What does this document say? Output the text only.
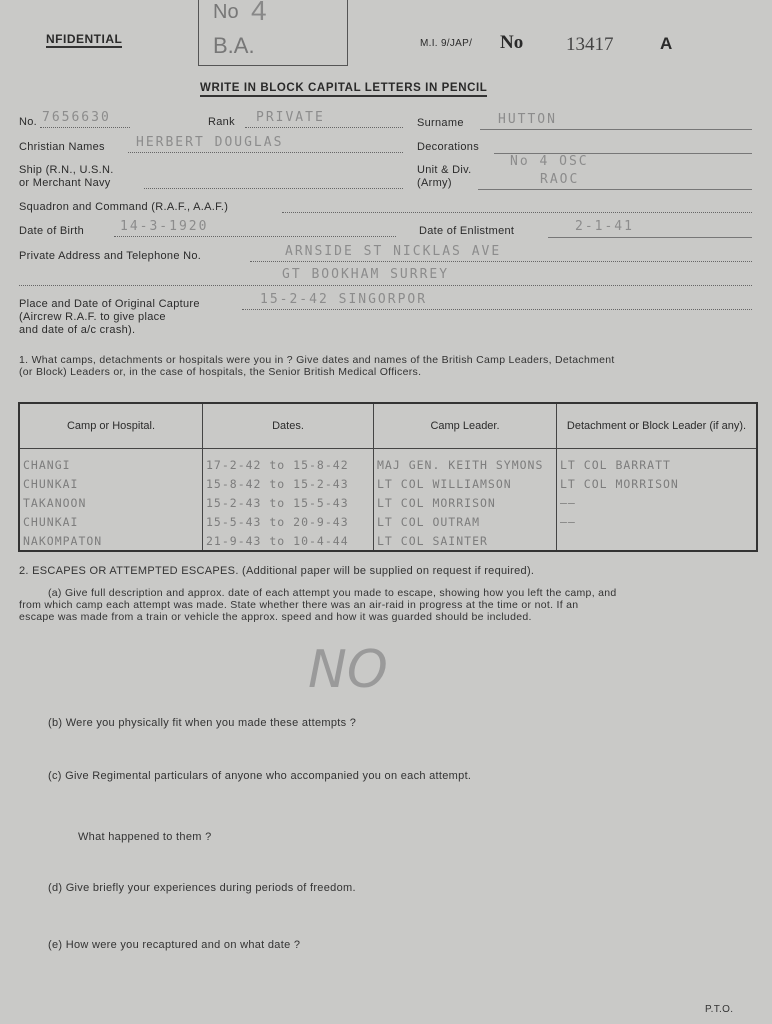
NFIDENTIAL
No 4
B.A.	M.I. 9/JAP/ No 13417	A
WRITE IN BLOCK CAPITAL LETTERS IN PENCIL
No. 7656630	Rank PRIVATE	Surname	HUTTON
Christian Names HERBERT DOUGLAS	Decorations
Ship (R.N., U.S.N.
or Merchant Navy
Unit & Div.
(Army)
No 4 OSC
RAOC
Squadron and Command (R.A.F., A.A.F.)
Date of Birth	14-3-1920	Date of Enlistment	2-1-41
Private Address and Telephone No.	ARNSIDE ST NICKLAS AVE
GT BOOKHAM SURREY
Place and Date of Original Capture
(Aircrew R.A.F. to give place
and date of a/c crash).
15-2-42 SINGORPOR
1. What camps, detachments or hospitals were you in ? Give dates and names of the British Camp Leaders, Detachment
(or Block) Leaders or, in the case of hospitals, the Senior British Medical Officers.
Camp or Hospital.	Dates.	Camp Leader.	Detachment or Block Leader (if any).
CHANGI	17-2-42 to 15-8-42	MAJ GEN. KEITH SYMONS	LT COL BARRATT
CHUNKAI	15-8-42 to 15-2-43	LT COL WILLIAMSON	LT COL MORRISON
TAKANOON	15-2-43 to 15-5-43	LT COL MORRISON	——
CHUNKAI	15-5-43 to 20-9-43	LT COL OUTRAM	——
NAKOMPATON	21-9-43 to 10-4-44	LT COL SAINTER	
2. ESCAPES OR ATTEMPTED ESCAPES. (Additional paper will be supplied on request if required).
(a) Give full description and approx. date of each attempt you made to escape, showing how you left the camp, and
from which camp each attempt was made. State whether there was an air-raid in progress at the time or not. If an
escape was made from a train or vehicle the approx. speed and how it was guarded should be included.
NO
(b) Were you physically fit when you made these attempts ?
(c) Give Regimental particulars of anyone who accompanied you on each attempt.
What happened to them ?
(d) Give briefly your experiences during periods of freedom.
(e) How were you recaptured and on what date ?
P.T.O.
